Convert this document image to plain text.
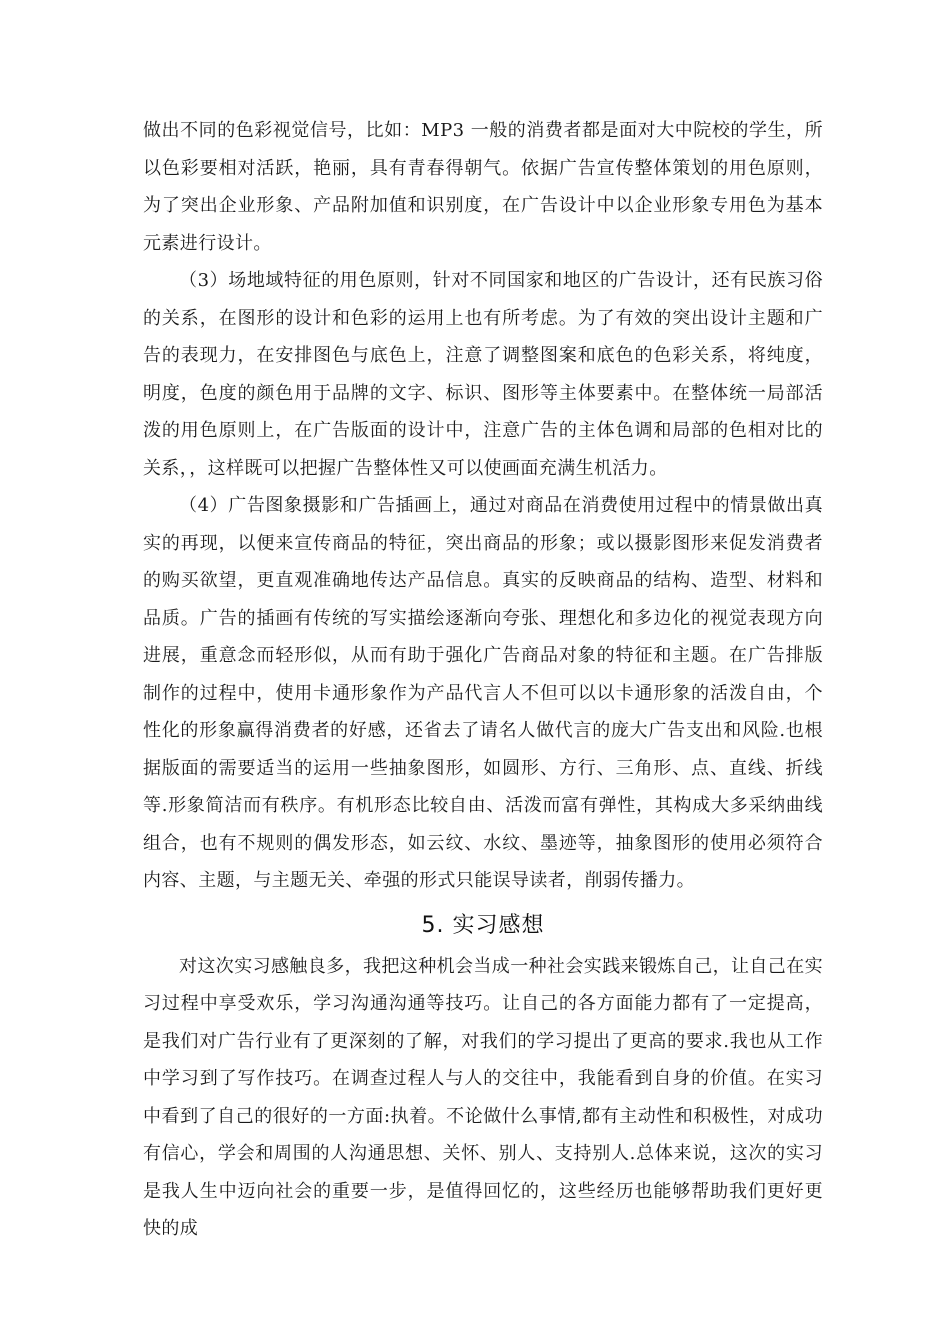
做出不同的色彩视觉信号，比如：MP3 一般的消费者都是面对大中院校的学生，所以色彩要相对活跃，艳丽，具有青春得朝气。依据广告宣传整体策划的用色原则，为了突出企业形象、产品附加值和识别度，在广告设计中以企业形象专用色为基本元素进行设计。

（3）场地域特征的用色原则，针对不同国家和地区的广告设计，还有民族习俗的关系，在图形的设计和色彩的运用上也有所考虑。为了有效的突出设计主题和广告的表现力，在安排图色与底色上，注意了调整图案和底色的色彩关系，将纯度，明度，色度的颜色用于品牌的文字、标识、图形等主体要素中。在整体统一局部活泼的用色原则上，在广告版面的设计中，注意广告的主体色调和局部的色相对比的关系，，这样既可以把握广告整体性又可以使画面充满生机活力。

（4）广告图象摄影和广告插画上，通过对商品在消费使用过程中的情景做出真实的再现，以便来宣传商品的特征，突出商品的形象；或以摄影图形来促发消费者的购买欲望，更直观准确地传达产品信息。真实的反映商品的结构、造型、材料和品质。广告的插画有传统的写实描绘逐渐向夸张、理想化和多边化的视觉表现方向进展，重意念而轻形似，从而有助于强化广告商品对象的特征和主题。在广告排版制作的过程中，使用卡通形象作为产品代言人不但可以以卡通形象的活泼自由，个性化的形象赢得消费者的好感，还省去了请名人做代言的庞大广告支出和风险.也根据版面的需要适当的运用一些抽象图形，如圆形、方行、三角形、点、直线、折线等.形象简洁而有秩序。有机形态比较自由、活泼而富有弹性，其构成大多采纳曲线组合，也有不规则的偶发形态，如云纹、水纹、墨迹等，抽象图形的使用必须符合内容、主题，与主题无关、牵强的形式只能误导读者，削弱传播力。

5. 实习感想

对这次实习感触良多，我把这种机会当成一种社会实践来锻炼自己，让自己在实习过程中享受欢乐，学习沟通沟通等技巧。让自己的各方面能力都有了一定提高，是我们对广告行业有了更深刻的了解，对我们的学习提出了更高的要求.我也从工作中学习到了写作技巧。在调查过程人与人的交往中，我能看到自身的价值。在实习中看到了自己的很好的一方面:执着。不论做什么事情,都有主动性和积极性，对成功有信心，学会和周围的人沟通思想、关怀、别人、支持别人.总体来说，这次的实习是我人生中迈向社会的重要一步，是值得回忆的，这些经历也能够帮助我们更好更快的成
